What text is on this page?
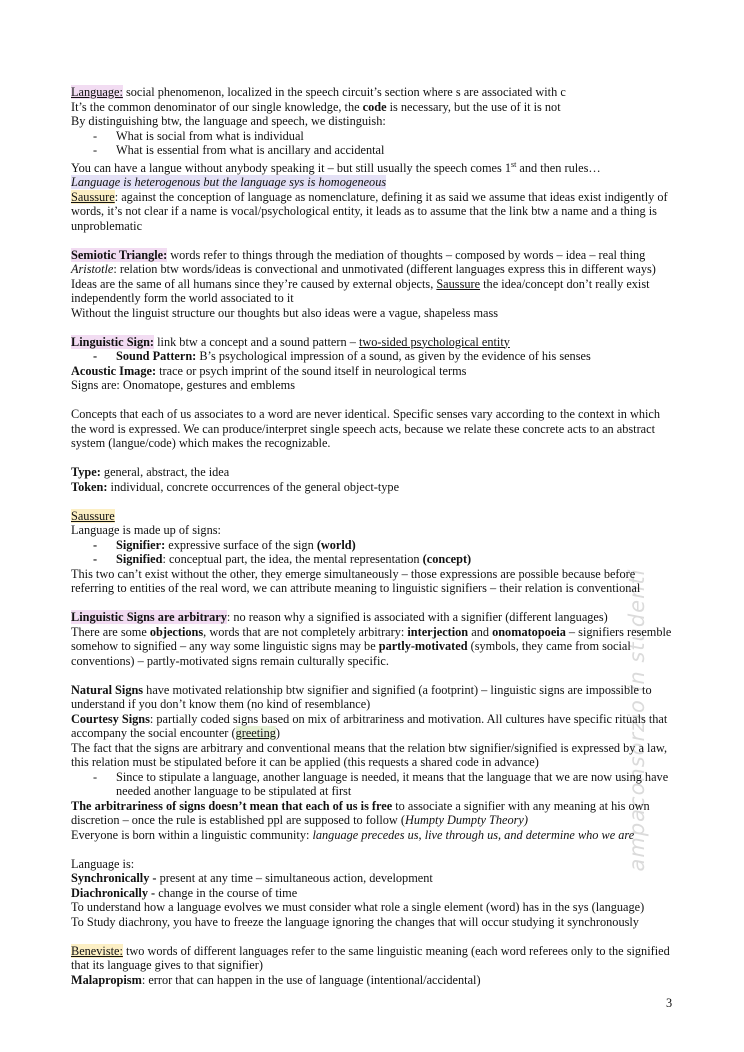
ampaconsorzio in studenti

Language: social phenomenon, localized in the speech circuit’s section where s are associated with c

It’s the common denominator of our single knowledge, the code is necessary, but the use of it is not

By distinguishing btw, the language and speech, we distinguish:

-	What is social from what is individual
-	What is essential from what is ancillary and accidental

You can have a langue without anybody speaking it – but still usually the speech comes 1st and then rules…

Language is heterogenous but the language sys is homogeneous

Saussure: against the conception of language as nomenclature, defining it as said we assume that ideas exist indigently of words, it’s not clear if a name is vocal/psychological entity, it leads as to assume that the link btw a name and a thing is unproblematic

Semiotic Triangle: words refer to things through the mediation of thoughts – composed by words – idea – real thing

Aristotle: relation btw words/ideas is convectional and unmotivated (different languages express this in different ways)

Ideas are the same of all humans since they’re caused by external objects, Saussure the idea/concept don’t really exist independently form the world associated to it

Without the linguist structure our thoughts but also ideas were a vague, shapeless mass

Linguistic Sign: link btw a concept and a sound pattern – two-sided psychological entity

-	Sound Pattern: B’s psychological impression of a sound, as given by the evidence of his senses

Acoustic Image: trace or psych imprint of the sound itself in neurological terms

Signs are: Onomatope, gestures and emblems

Concepts that each of us associates to a word are never identical. Specific senses vary according to the context in which the word is expressed. We can produce/interpret single speech acts, because we relate these concrete acts to an abstract system (langue/code) which makes the recognizable.

Type: general, abstract, the idea

Token: individual, concrete occurrences of the general object-type

Saussure

Language is made up of signs:

-	Signifier: expressive surface of the sign (world)
-	Signified: conceptual part, the idea, the mental representation (concept)

This two can’t exist without the other, they emerge simultaneously – those expressions are possible because before referring to entities of the real word, we can attribute meaning to linguistic signifiers – their relation is conventional

Linguistic Signs are arbitrary: no reason why a signified is associated with a signifier (different languages)

There are some objections, words that are not completely arbitrary: interjection and onomatopoeia – signifiers resemble somehow to signified – any way some linguistic signs may be partly-motivated (symbols, they came from social conventions) – partly-motivated signs remain culturally specific.

Natural Signs have motivated relationship btw signifier and signified (a footprint) – linguistic signs are impossible to understand if you don’t know them (no kind of resemblance)

Courtesy Signs: partially coded signs based on mix of arbitrariness and motivation. All cultures have specific rituals that accompany the social encounter (greeting)

The fact that the signs are arbitrary and conventional means that the relation btw signifier/signified is expressed by a law, this relation must be stipulated before it can be applied (this requests a shared code in advance)

-	Since to stipulate a language, another language is needed, it means that the language that we are now using have needed another language to be stipulated at first

The arbitrariness of signs doesn’t mean that each of us is free to associate a signifier with any meaning at his own discretion – once the rule is established ppl are supposed to follow (Humpty Dumpty Theory)

Everyone is born within a linguistic community: language precedes us, live through us, and determine who we are

Language is:

Synchronically - present at any time – simultaneous action, development

Diachronically - change in the course of time

To understand how a language evolves we must consider what role a single element (word) has in the sys (language)

To Study diachrony, you have to freeze the language ignoring the changes that will occur studying it synchronously

Beneviste: two words of different languages refer to the same linguistic meaning (each word referees only to the signified that its language gives to that signifier)

Malapropism: error that can happen in the use of language (intentional/accidental)

3
